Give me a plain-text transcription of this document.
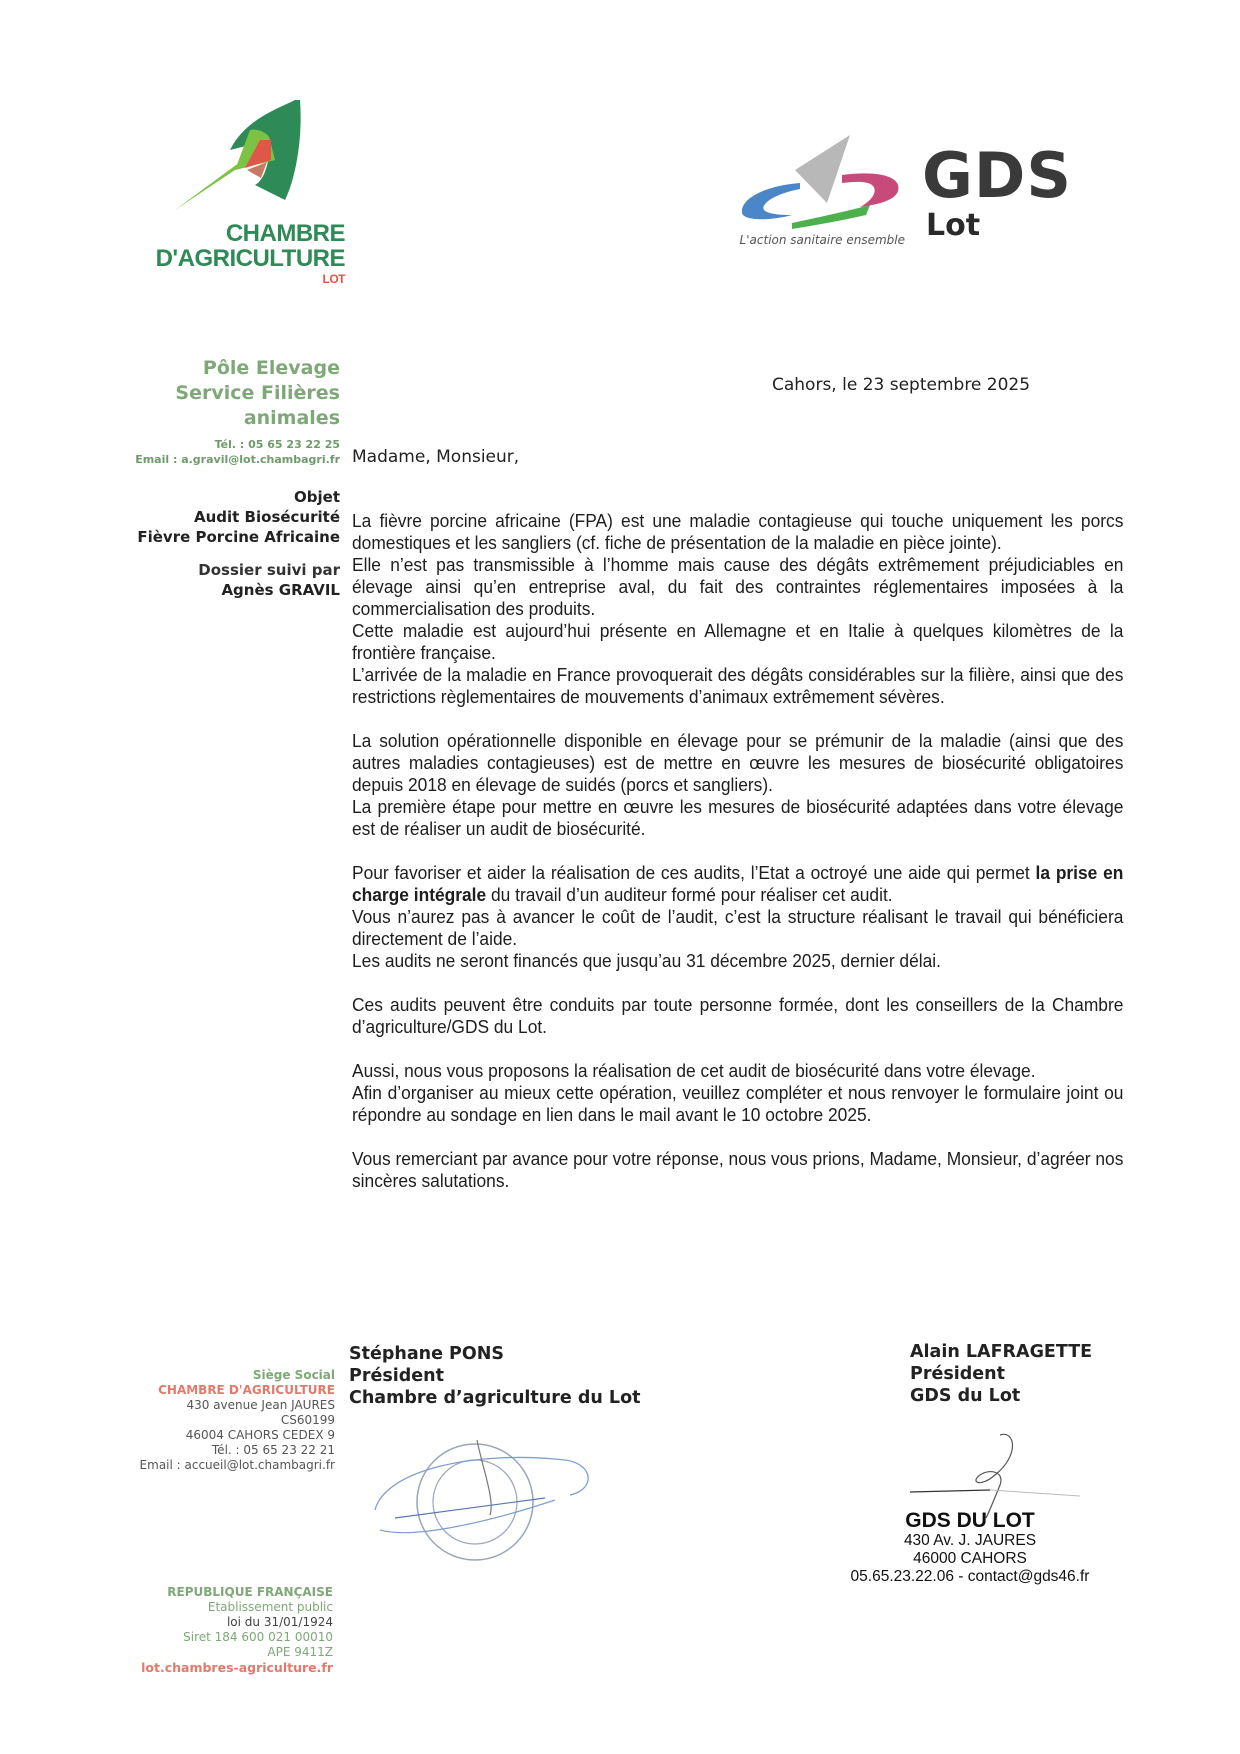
CHAMBRE
D'AGRICULTURE
LOT
GDS
Lot
L'action sanitaire ensemble
Pôle Elevage
Service Filières
animales
Tél. : 05 65 23 22 25
Email : a.gravil@lot.chambagri.fr
Objet
Audit Biosécurité
Fièvre Porcine Africaine
Dossier suivi par
Agnès GRAVIL
Cahors, le 23 septembre 2025
Madame, Monsieur,

La fièvre porcine africaine (FPA) est une maladie contagieuse qui touche uniquement les porcs domestiques et les sangliers (cf. fiche de présentation de la maladie en pièce jointe).

Elle n’est pas transmissible à l’homme mais cause des dégâts extrêmement préjudiciables en élevage ainsi qu’en entreprise aval, du fait des contraintes réglementaires imposées à la commercialisation des produits.

Cette maladie est aujourd’hui présente en Allemagne et en Italie à quelques kilomètres de la frontière française.

L’arrivée de la maladie en France provoquerait des dégâts considérables sur la filière, ainsi que des restrictions règlementaires de mouvements d’animaux extrêmement sévères.

La solution opérationnelle disponible en élevage pour se prémunir de la maladie (ainsi que des autres maladies contagieuses) est de mettre en œuvre les mesures de biosécurité obligatoires depuis 2018 en élevage de suidés (porcs et sangliers).

La première étape pour mettre en œuvre les mesures de biosécurité adaptées dans votre élevage est de réaliser un audit de biosécurité.

Pour favoriser et aider la réalisation de ces audits, l’Etat a octroyé une aide qui permet la prise en charge intégrale du travail d’un auditeur formé pour réaliser cet audit.

Vous n’aurez pas à avancer le coût de l’audit, c’est la structure réalisant le travail qui bénéficiera directement de l’aide.

Les audits ne seront financés que jusqu’au 31 décembre 2025, dernier délai.

Ces audits peuvent être conduits par toute personne formée, dont les conseillers de la Chambre d’agriculture/GDS du Lot.

Aussi, nous vous proposons la réalisation de cet audit de biosécurité dans votre élevage.

Afin d’organiser au mieux cette opération, veuillez compléter et nous renvoyer le formulaire joint ou répondre au sondage en lien dans le mail avant le 10 octobre 2025.

Vous remerciant par avance pour votre réponse, nous vous prions, Madame, Monsieur, d’agréer nos sincères salutations.

Stéphane PONS
Président
Chambre d’agriculture du Lot
Alain LAFRAGETTE
Président
GDS du Lot
GDS DU LOT
430 Av. J. JAURES
46000 CAHORS
05.65.23.22.06 - contact@gds46.fr
Siège Social
CHAMBRE D'AGRICULTURE
430 avenue Jean JAURES
CS60199
46004 CAHORS CEDEX 9
Tél. : 05 65 23 22 21
Email : accueil@lot.chambagri.fr
REPUBLIQUE FRANÇAISE
Etablissement public
loi du 31/01/1924
Siret 184 600 021 00010
APE 9411Z
lot.chambres-agriculture.fr
